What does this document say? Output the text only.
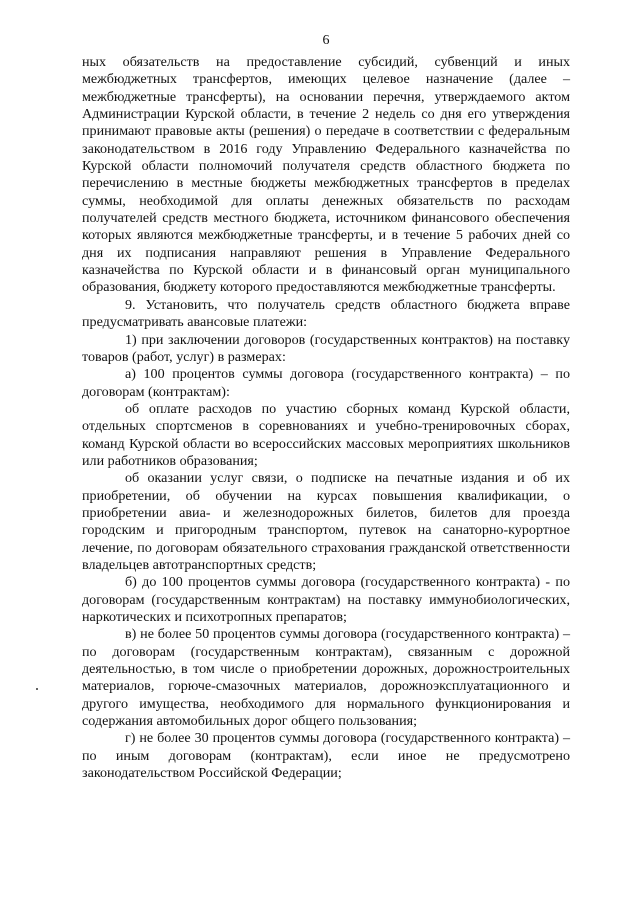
6

ных обязательств на предоставление субсидий, субвенций и иных межбюджетных трансфертов, имеющих целевое назначение (далее – межбюджетные трансферты), на основании перечня, утверждаемого актом Администрации Курской области, в течение 2 недель со дня его утверждения принимают правовые акты (решения) о передаче в соответствии с федеральным законодательством в 2016 году Управлению Федерального казначейства по Курской области полномочий получателя средств областного бюджета по перечислению в местные бюджеты межбюджетных трансфертов в пределах суммы, необходимой для оплаты денежных обязательств по расходам получателей средств местного бюджета, источником финансового обеспечения которых являются межбюджетные трансферты, и в течение 5 рабочих дней со дня их подписания направляют решения в Управление Федерального казначейства по Курской области и в финансовый орган муниципального образования, бюджету которого предоставляются межбюджетные трансферты.

9. Установить, что получатель средств областного бюджета вправе предусматривать авансовые платежи:

1) при заключении договоров (государственных контрактов) на поставку товаров (работ, услуг) в размерах:

а) 100 процентов суммы договора (государственного контракта) – по договорам (контрактам):

об оплате расходов по участию сборных команд Курской области, отдельных спортсменов в соревнованиях и учебно-тренировочных сборах, команд Курской области во всероссийских массовых мероприятиях школьников или работников образования;

об оказании услуг связи, о подписке на печатные издания и об их приобретении, об обучении на курсах повышения квалификации, о приобретении авиа- и железнодорожных билетов, билетов для проезда городским и пригородным транспортом, путевок на санаторно-курортное лечение, по договорам обязательного страхования гражданской ответственности владельцев автотранспортных средств;

б) до 100 процентов суммы договора (государственного контракта) - по договорам (государственным контрактам) на поставку иммунобиологических, наркотических и психотропных препаратов;

в) не более 50 процентов суммы договора (государственного контракта) – по договорам (государственным контрактам), связанным с дорожной деятельностью, в том числе о приобретении дорожных, дорожностроительных материалов, горюче-смазочных материалов, дорожноэксплуатационного и другого имущества, необходимого для нормального функционирования и содержания автомобильных дорог общего пользования;

г) не более 30 процентов суммы договора (государственного контракта) – по иным договорам (контрактам), если иное не предусмотрено законодательством Российской Федерации;
